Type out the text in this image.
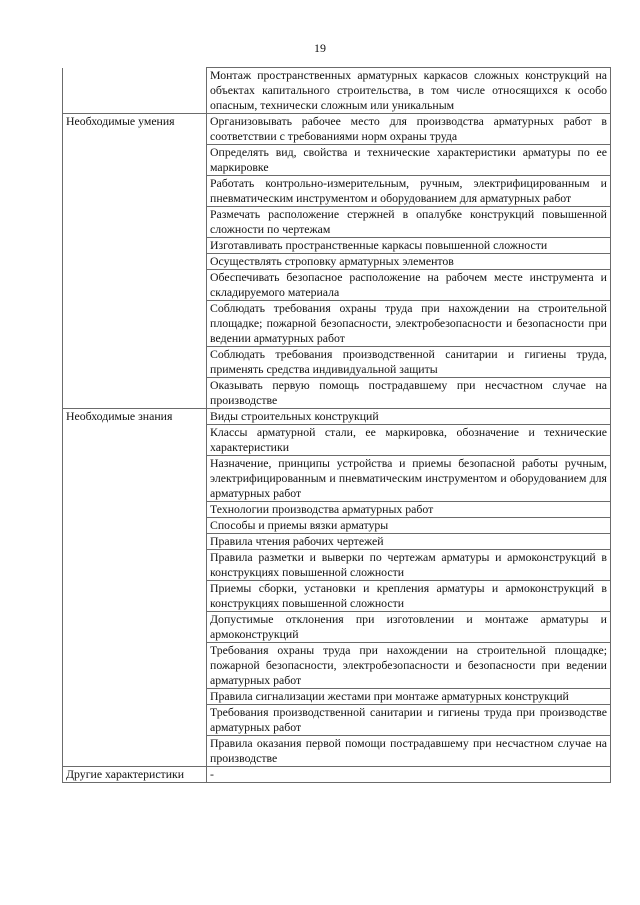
19
	Монтаж пространственных арматурных каркасов сложных конструкций на объектах капитального строительства, в том числе относящихся к особо опасным, технически сложным или уникальным
Необходимые умения	Организовывать рабочее место для производства арматурных работ в соответствии с требованиями норм охраны труда
	Определять вид, свойства и технические характеристики арматуры по ее маркировке
	Работать контрольно-измерительным, ручным, электрифицированным и пневматическим инструментом и оборудованием для арматурных работ
	Размечать расположение стержней в опалубке конструкций повышенной сложности по чертежам
	Изготавливать пространственные каркасы повышенной сложности
	Осуществлять строповку арматурных элементов
	Обеспечивать безопасное расположение на рабочем месте инструмента и складируемого материала
	Соблюдать требования охраны труда при нахождении на строительной площадке; пожарной безопасности, электробезопасности и безопасности при ведении арматурных работ
	Соблюдать требования производственной санитарии и гигиены труда, применять средства индивидуальной защиты
	Оказывать первую помощь пострадавшему при несчастном случае на производстве
Необходимые знания	Виды строительных конструкций
	Классы арматурной стали, ее маркировка, обозначение и технические характеристики
	Назначение, принципы устройства и приемы безопасной работы ручным, электрифицированным и пневматическим инструментом и оборудованием для арматурных работ
	Технологии производства арматурных работ
	Способы и приемы вязки арматуры
	Правила чтения рабочих чертежей
	Правила разметки и выверки по чертежам арматуры и армоконструкций в конструкциях повышенной сложности
	Приемы сборки, установки и крепления арматуры и армоконструкций в конструкциях повышенной сложности
	Допустимые отклонения при изготовлении и монтаже арматуры и армоконструкций
	Требования охраны труда при нахождении на строительной площадке; пожарной безопасности, электробезопасности и безопасности при ведении арматурных работ
	Правила сигнализации жестами при монтаже арматурных конструкций
	Требования производственной санитарии и гигиены труда при производстве арматурных работ
	Правила оказания первой помощи пострадавшему при несчастном случае на производстве
Другие характеристики	-
